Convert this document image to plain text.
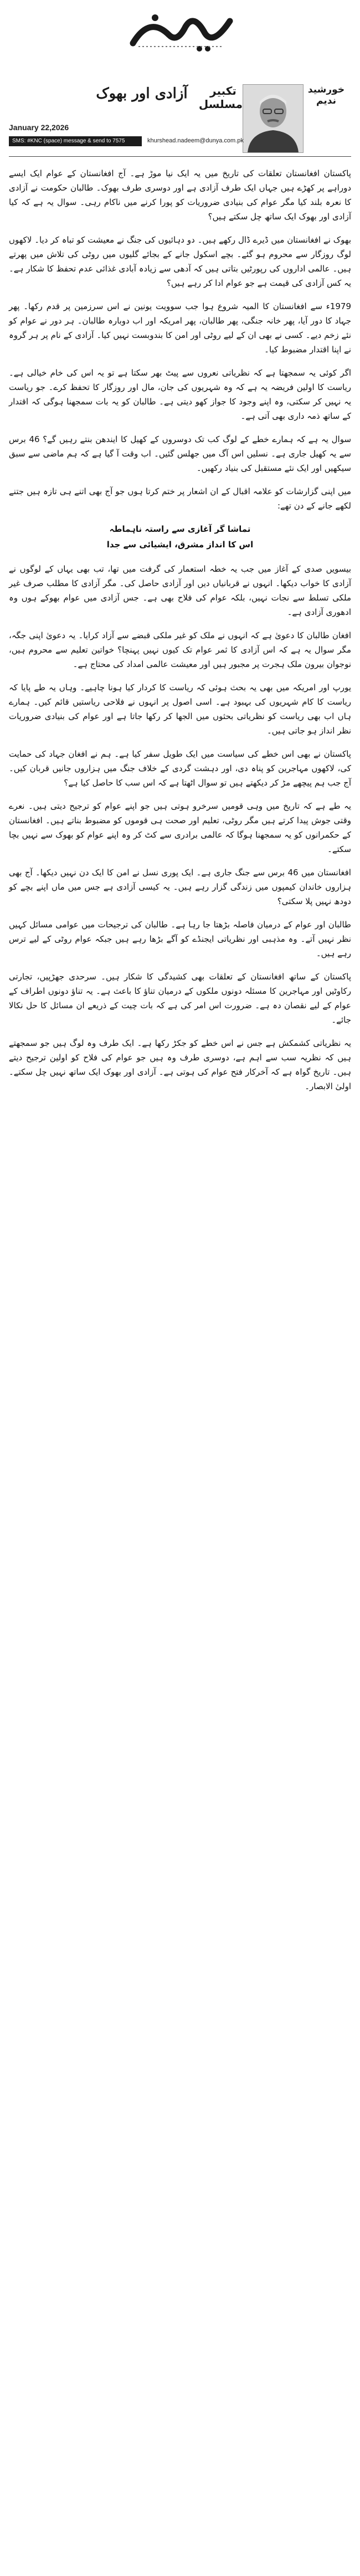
آزادی اور بھوک	تکبیر مسلسل
خورشید ندیم
January 22,2026
SMS: #KNC (space) message & send to 7575	khurshead.nadeem@dunya.com.pk

پاکستان افغانستان تعلقات کی تاریخ میں یہ ایک نیا موڑ ہے۔ آج افغانستان کے عوام ایک ایسے دوراہے پر کھڑے ہیں جہاں ایک طرف آزادی ہے اور دوسری طرف بھوک۔ طالبان حکومت نے آزادی کا نعرہ بلند کیا مگر عوام کی بنیادی ضروریات کو پورا کرنے میں ناکام رہی۔ سوال یہ ہے کہ کیا آزادی اور بھوک ایک ساتھ چل سکتے ہیں؟

بھوک نے افغانستان میں ڈیرے ڈال رکھے ہیں۔ دو دہائیوں کی جنگ نے معیشت کو تباہ کر دیا۔ لاکھوں لوگ روزگار سے محروم ہو گئے۔ بچے اسکول جانے کے بجائے گلیوں میں روٹی کی تلاش میں پھرتے ہیں۔ عالمی اداروں کی رپورٹیں بتاتی ہیں کہ آدھی سے زیادہ آبادی غذائی عدم تحفظ کا شکار ہے۔ یہ کس آزادی کی قیمت ہے جو عوام ادا کر رہے ہیں؟

1979ء سے افغانستان کا المیہ شروع ہوا جب سوویت یونین نے اس سرزمین پر قدم رکھا۔ پھر جہاد کا دور آیا، پھر خانہ جنگی، پھر طالبان، پھر امریکہ اور اب دوبارہ طالبان۔ ہر دور نے عوام کو نئے زخم دیے۔ کسی نے بھی ان کے لیے روٹی اور امن کا بندوبست نہیں کیا۔ آزادی کے نام پر ہر گروہ نے اپنا اقتدار مضبوط کیا۔

اگر کوئی یہ سمجھتا ہے کہ نظریاتی نعروں سے پیٹ بھر سکتا ہے تو یہ اس کی خام خیالی ہے۔ ریاست کا اولین فریضہ یہ ہے کہ وہ شہریوں کی جان، مال اور روزگار کا تحفظ کرے۔ جو ریاست یہ نہیں کر سکتی، وہ اپنے وجود کا جواز کھو دیتی ہے۔ طالبان کو یہ بات سمجھنا ہوگی کہ اقتدار کے ساتھ ذمہ داری بھی آتی ہے۔

سوال یہ ہے کہ ہمارے خطے کے لوگ کب تک دوسروں کے کھیل کا ایندھن بنتے رہیں گے؟ 46 برس سے یہ کھیل جاری ہے۔ نسلیں اس آگ میں جھلس گئیں۔ اب وقت آ گیا ہے کہ ہم ماضی سے سبق سیکھیں اور ایک نئے مستقبل کی بنیاد رکھیں۔

میں اپنی گزارشات کو علامہ اقبال کے ان اشعار پر ختم کرتا ہوں جو آج بھی اتنے ہی تازہ ہیں جتنے لکھے جانے کے دن تھے:

تماشا گر آغازی سے راستہ ناہماطہ
اس کا انداز مشرق، ایشیائی سے جدا

بیسویں صدی کے آغاز میں جب یہ خطہ استعمار کی گرفت میں تھا، تب بھی یہاں کے لوگوں نے آزادی کا خواب دیکھا۔ انہوں نے قربانیاں دیں اور آزادی حاصل کی۔ مگر آزادی کا مطلب صرف غیر ملکی تسلط سے نجات نہیں، بلکہ عوام کی فلاح بھی ہے۔ جس آزادی میں عوام بھوکے ہوں وہ ادھوری آزادی ہے۔

افغان طالبان کا دعویٰ ہے کہ انہوں نے ملک کو غیر ملکی قبضے سے آزاد کرایا۔ یہ دعویٰ اپنی جگہ، مگر سوال یہ ہے کہ اس آزادی کا ثمر عوام تک کیوں نہیں پہنچا؟ خواتین تعلیم سے محروم ہیں، نوجوان بیرون ملک ہجرت پر مجبور ہیں اور معیشت عالمی امداد کی محتاج ہے۔

یورپ اور امریکہ میں بھی یہ بحث ہوئی کہ ریاست کا کردار کیا ہونا چاہیے۔ وہاں یہ طے پایا کہ ریاست کا کام شہریوں کی بہبود ہے۔ اسی اصول پر انہوں نے فلاحی ریاستیں قائم کیں۔ ہمارے ہاں اب بھی ریاست کو نظریاتی بحثوں میں الجھا کر رکھا جاتا ہے اور عوام کی بنیادی ضروریات نظر انداز ہو جاتی ہیں۔

پاکستان نے بھی اس خطے کی سیاست میں ایک طویل سفر کیا ہے۔ ہم نے افغان جہاد کی حمایت کی، لاکھوں مہاجرین کو پناہ دی، اور دہشت گردی کے خلاف جنگ میں ہزاروں جانیں قربان کیں۔ آج جب ہم پیچھے مڑ کر دیکھتے ہیں تو سوال اٹھتا ہے کہ اس سب کا حاصل کیا ہے؟

یہ طے ہے کہ تاریخ میں وہی قومیں سرخرو ہوتی ہیں جو اپنے عوام کو ترجیح دیتی ہیں۔ نعرے وقتی جوش پیدا کرتے ہیں مگر روٹی، تعلیم اور صحت ہی قوموں کو مضبوط بناتے ہیں۔ افغانستان کے حکمرانوں کو یہ سمجھنا ہوگا کہ عالمی برادری سے کٹ کر وہ اپنے عوام کو بھوک سے نہیں بچا سکتے۔

افغانستان میں 46 برس سے جنگ جاری ہے۔ ایک پوری نسل نے امن کا ایک دن نہیں دیکھا۔ آج بھی ہزاروں خاندان کیمپوں میں زندگی گزار رہے ہیں۔ یہ کیسی آزادی ہے جس میں ماں اپنے بچے کو دودھ نہیں پلا سکتی؟

طالبان اور عوام کے درمیان فاصلہ بڑھتا جا رہا ہے۔ طالبان کی ترجیحات میں عوامی مسائل کہیں نظر نہیں آتے۔ وہ مذہبی اور نظریاتی ایجنڈے کو آگے بڑھا رہے ہیں جبکہ عوام روٹی کے لیے ترس رہے ہیں۔

پاکستان کے ساتھ افغانستان کے تعلقات بھی کشیدگی کا شکار ہیں۔ سرحدی جھڑپیں، تجارتی رکاوٹیں اور مہاجرین کا مسئلہ دونوں ملکوں کے درمیان تناؤ کا باعث ہے۔ یہ تناؤ دونوں اطراف کے عوام کے لیے نقصان دہ ہے۔ ضرورت اس امر کی ہے کہ بات چیت کے ذریعے ان مسائل کا حل نکالا جائے۔

یہ نظریاتی کشمکش ہے جس نے اس خطے کو جکڑ رکھا ہے۔ ایک طرف وہ لوگ ہیں جو سمجھتے ہیں کہ نظریہ سب سے اہم ہے، دوسری طرف وہ ہیں جو عوام کی فلاح کو اولین ترجیح دیتے ہیں۔ تاریخ گواہ ہے کہ آخرکار فتح عوام کی ہوتی ہے۔ آزادی اور بھوک ایک ساتھ نہیں چل سکتے۔ اولیٰ الابصار۔
